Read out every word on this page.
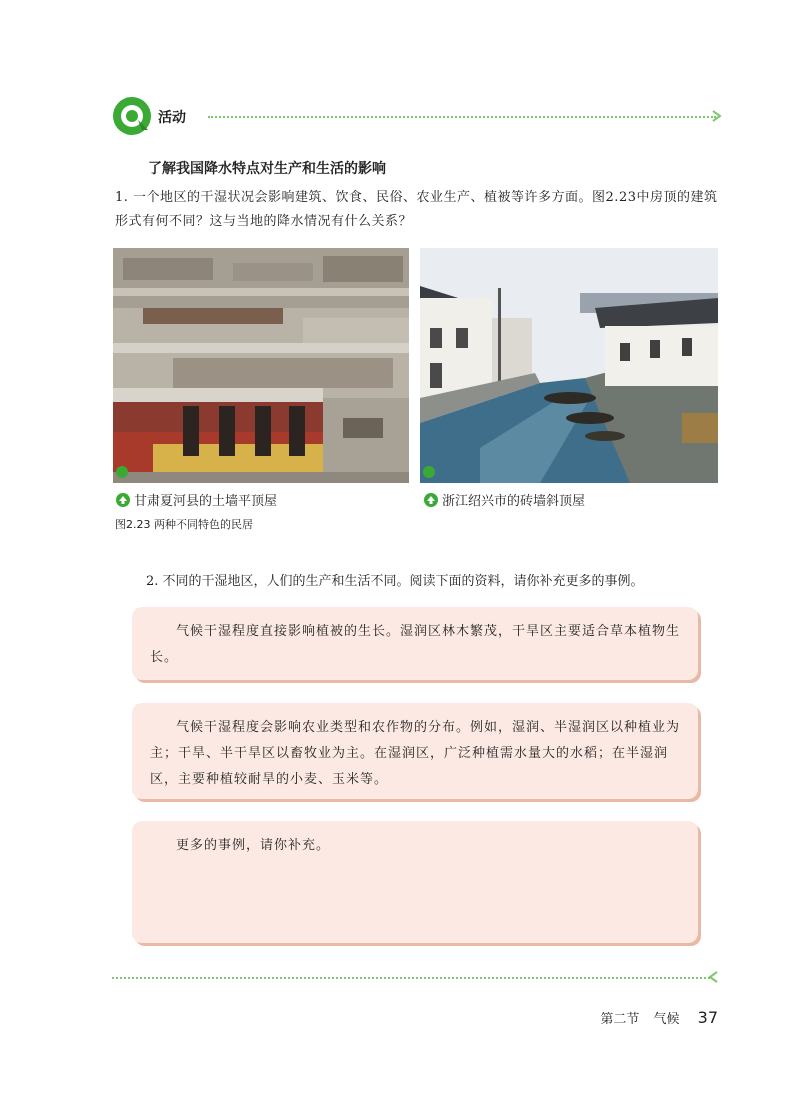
活动
了解我国降水特点对生产和生活的影响
1. 一个地区的干湿状况会影响建筑、饮食、民俗、农业生产、植被等许多方面。图2.23中房顶的建筑形式有何不同？这与当地的降水情况有什么关系？
甘肃夏河县的土墙平顶屋	浙江绍兴市的砖墙斜顶屋
图2.23 两种不同特色的民居
2. 不同的干湿地区，人们的生产和生活不同。阅读下面的资料，请你补充更多的事例。

气候干湿程度直接影响植被的生长。湿润区林木繁茂，干旱区主要适合草本植物生长。

气候干湿程度会影响农业类型和农作物的分布。例如，湿润、半湿润区以种植业为主；干旱、半干旱区以畜牧业为主。在湿润区，广泛种植需水量大的水稻；在半湿润区，主要种植较耐旱的小麦、玉米等。

更多的事例，请你补充。

第二节 气候 37
